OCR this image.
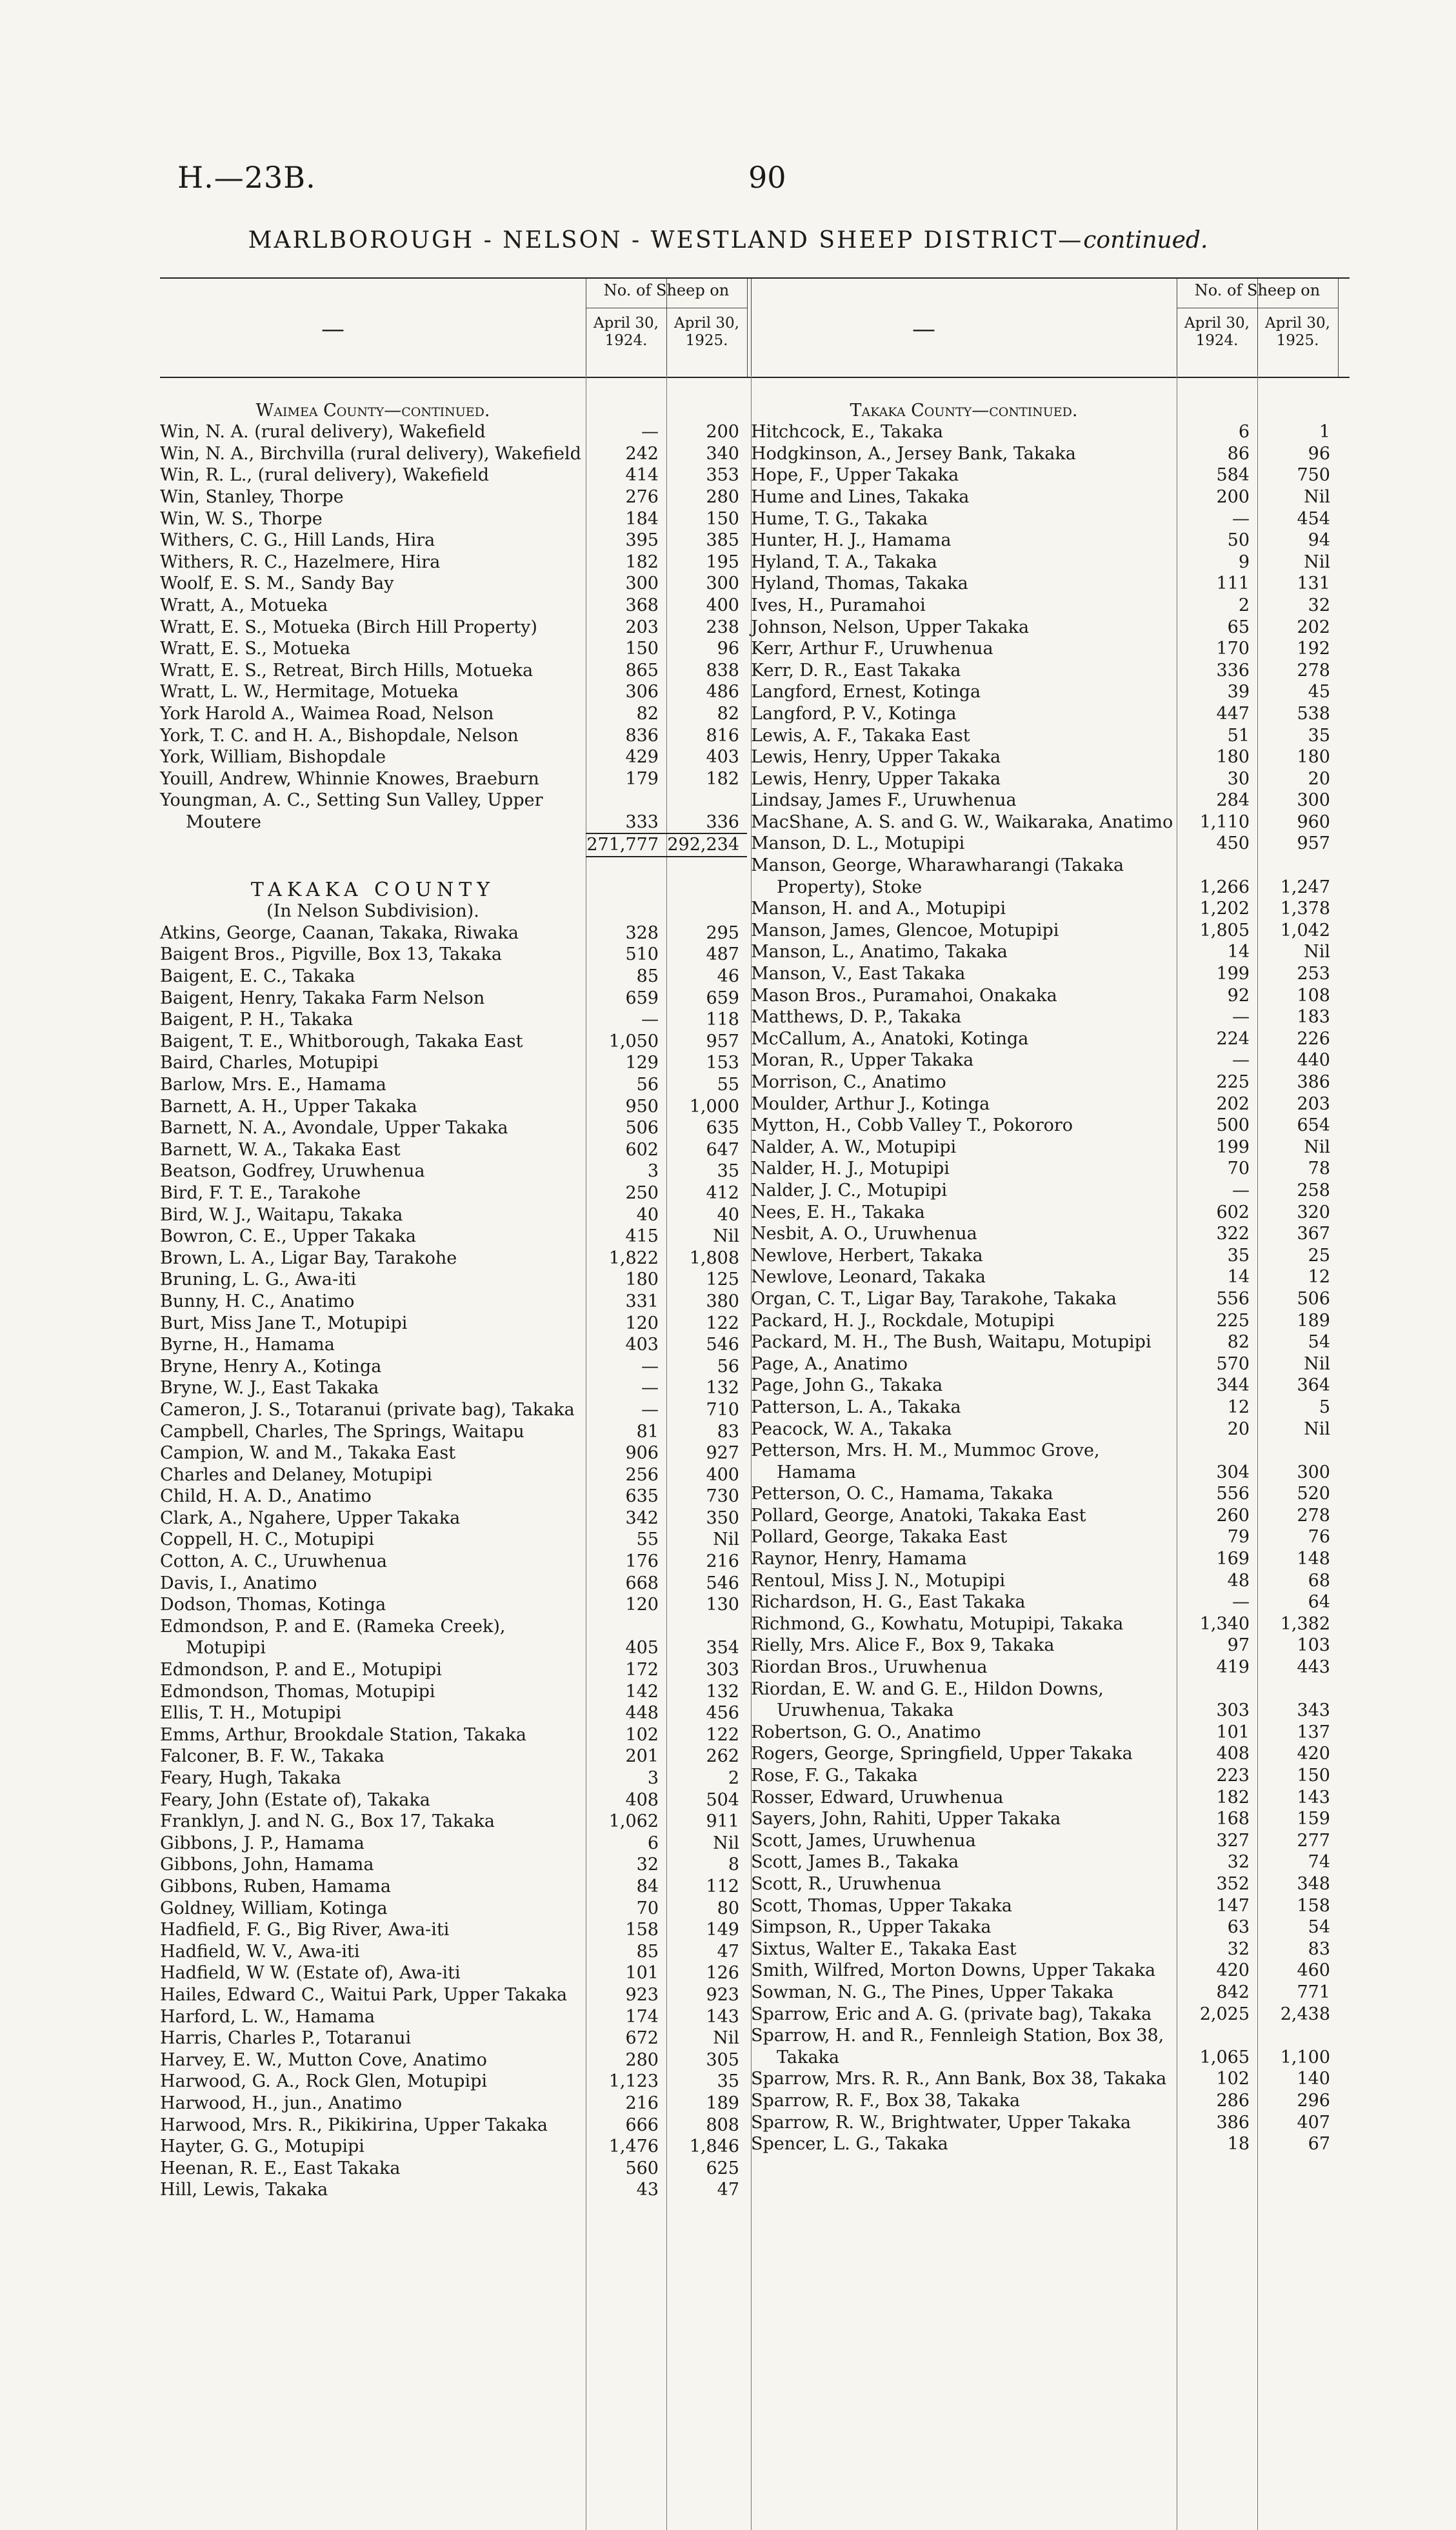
H.—23B.	90
MARLBOROUGH - NELSON - WESTLAND SHEEP DISTRICT—continued.
—
No. of Sheep on
April 30,
1924.
April 30,
1925.
Waimea County—continued.
Win, N. A. (rural delivery), Wakefield	—	200
Win, N. A., Birchvilla (rural delivery), Wakefield	242	340
Win, R. L., (rural delivery), Wakefield	414	353
Win, Stanley, Thorpe	276	280
Win, W. S., Thorpe	184	150
Withers, C. G., Hill Lands, Hira	395	385
Withers, R. C., Hazelmere, Hira	182	195
Woolf, E. S. M., Sandy Bay	300	300
Wratt, A., Motueka	368	400
Wratt, E. S., Motueka (Birch Hill Property)	203	238
Wratt, E. S., Motueka	150	96
Wratt, E. S., Retreat, Birch Hills, Motueka	865	838
Wratt, L. W., Hermitage, Motueka	306	486
York Harold A., Waimea Road, Nelson	82	82
York, T. C. and H. A., Bishopdale, Nelson	836	816
York, William, Bishopdale	429	403
Youill, Andrew, Whinnie Knowes, Braeburn	179	182
Youngman, A. C., Setting Sun Valley, Upper Moutere	333	336
271,777 292,234
TAKAKA COUNTY
(In Nelson Subdivision).
Atkins, George, Caanan, Takaka, Riwaka	328	295
Baigent Bros., Pigville, Box 13, Takaka	510	487
Baigent, E. C., Takaka	85	46
Baigent, Henry, Takaka Farm Nelson	659	659
Baigent, P. H., Takaka	—	118
Baigent, T. E., Whitborough, Takaka East	1,050	957
Baird, Charles, Motupipi	129	153
Barlow, Mrs. E., Hamama	56	55
Barnett, A. H., Upper Takaka	950	1,000
Barnett, N. A., Avondale, Upper Takaka	506	635
Barnett, W. A., Takaka East	602	647
Beatson, Godfrey, Uruwhenua	3	35
Bird, F. T. E., Tarakohe	250	412
Bird, W. J., Waitapu, Takaka	40	40
Bowron, C. E., Upper Takaka	415	Nil
Brown, L. A., Ligar Bay, Tarakohe	1,822	1,808
Bruning, L. G., Awa-iti	180	125
Bunny, H. C., Anatimo	331	380
Burt, Miss Jane T., Motupipi	120	122
Byrne, H., Hamama	403	546
Bryne, Henry A., Kotinga	—	56
Bryne, W. J., East Takaka	—	132
Cameron, J. S., Totaranui (private bag), Takaka	—	710
Campbell, Charles, The Springs, Waitapu	81	83
Campion, W. and M., Takaka East	906	927
Charles and Delaney, Motupipi	256	400
Child, H. A. D., Anatimo	635	730
Clark, A., Ngahere, Upper Takaka	342	350
Coppell, H. C., Motupipi	55	Nil
Cotton, A. C., Uruwhenua	176	216
Davis, I., Anatimo	668	546
Dodson, Thomas, Kotinga	120	130
Edmondson, P. and E. (Rameka Creek), Motupipi	405	354
Edmondson, P. and E., Motupipi	172	303
Edmondson, Thomas, Motupipi	142	132
Ellis, T. H., Motupipi	448	456
Emms, Arthur, Brookdale Station, Takaka	102	122
Falconer, B. F. W., Takaka	201	262
Feary, Hugh, Takaka	3	2
Feary, John (Estate of), Takaka	408	504
Franklyn, J. and N. G., Box 17, Takaka	1,062	911
Gibbons, J. P., Hamama	6	Nil
Gibbons, John, Hamama	32	8
Gibbons, Ruben, Hamama	84	112
Goldney, William, Kotinga	70	80
Hadfield, F. G., Big River, Awa-iti	158	149
Hadfield, W. V., Awa-iti	85	47
Hadfield, W W. (Estate of), Awa-iti	101	126
Hailes, Edward C., Waitui Park, Upper Takaka	923	923
Harford, L. W., Hamama	174	143
Harris, Charles P., Totaranui	672	Nil
Harvey, E. W., Mutton Cove, Anatimo	280	305
Harwood, G. A., Rock Glen, Motupipi	1,123	35
Harwood, H., jun., Anatimo	216	189
Harwood, Mrs. R., Pikikirina, Upper Takaka	666	808
Hayter, G. G., Motupipi	1,476	1,846
Heenan, R. E., East Takaka	560	625
Hill, Lewis, Takaka	43	47
—
No. of Sheep on
April 30,
1924.
April 30,
1925.
Takaka County—continued.
Hitchcock, E., Takaka	6	1
Hodgkinson, A., Jersey Bank, Takaka	86	96
Hope, F., Upper Takaka	584	750
Hume and Lines, Takaka	200	Nil
Hume, T. G., Takaka	—	454
Hunter, H. J., Hamama	50	94
Hyland, T. A., Takaka	9	Nil
Hyland, Thomas, Takaka	111	131
Ives, H., Puramahoi	2	32
Johnson, Nelson, Upper Takaka	65	202
Kerr, Arthur F., Uruwhenua	170	192
Kerr, D. R., East Takaka	336	278
Langford, Ernest, Kotinga	39	45
Langford, P. V., Kotinga	447	538
Lewis, A. F., Takaka East	51	35
Lewis, Henry, Upper Takaka	180	180
Lewis, Henry, Upper Takaka	30	20
Lindsay, James F., Uruwhenua	284	300
MacShane, A. S. and G. W., Waikaraka, Anatimo	1,110	960
Manson, D. L., Motupipi	450	957
Manson, George, Wharawharangi (Takaka Property), Stoke	1,266	1,247
Manson, H. and A., Motupipi	1,202	1,378
Manson, James, Glencoe, Motupipi	1,805	1,042
Manson, L., Anatimo, Takaka	14	Nil
Manson, V., East Takaka	199	253
Mason Bros., Puramahoi, Onakaka	92	108
Matthews, D. P., Takaka	—	183
McCallum, A., Anatoki, Kotinga	224	226
Moran, R., Upper Takaka	—	440
Morrison, C., Anatimo	225	386
Moulder, Arthur J., Kotinga	202	203
Mytton, H., Cobb Valley T., Pokororo	500	654
Nalder, A. W., Motupipi	199	Nil
Nalder, H. J., Motupipi	70	78
Nalder, J. C., Motupipi	—	258
Nees, E. H., Takaka	602	320
Nesbit, A. O., Uruwhenua	322	367
Newlove, Herbert, Takaka	35	25
Newlove, Leonard, Takaka	14	12
Organ, C. T., Ligar Bay, Tarakohe, Takaka	556	506
Packard, H. J., Rockdale, Motupipi	225	189
Packard, M. H., The Bush, Waitapu, Motupipi	82	54
Page, A., Anatimo	570	Nil
Page, John G., Takaka	344	364
Patterson, L. A., Takaka	12	5
Peacock, W. A., Takaka	20	Nil
Petterson, Mrs. H. M., Mummoc Grove, Hamama	304	300
Petterson, O. C., Hamama, Takaka	556	520
Pollard, George, Anatoki, Takaka East	260	278
Pollard, George, Takaka East	79	76
Raynor, Henry, Hamama	169	148
Rentoul, Miss J. N., Motupipi	48	68
Richardson, H. G., East Takaka	—	64
Richmond, G., Kowhatu, Motupipi, Takaka	1,340	1,382
Rielly, Mrs. Alice F., Box 9, Takaka	97	103
Riordan Bros., Uruwhenua	419	443
Riordan, E. W. and G. E., Hildon Downs, Uruwhenua, Takaka	303	343
Robertson, G. O., Anatimo	101	137
Rogers, George, Springfield, Upper Takaka	408	420
Rose, F. G., Takaka	223	150
Rosser, Edward, Uruwhenua	182	143
Sayers, John, Rahiti, Upper Takaka	168	159
Scott, James, Uruwhenua	327	277
Scott, James B., Takaka	32	74
Scott, R., Uruwhenua	352	348
Scott, Thomas, Upper Takaka	147	158
Simpson, R., Upper Takaka	63	54
Sixtus, Walter E., Takaka East	32	83
Smith, Wilfred, Morton Downs, Upper Takaka	420	460
Sowman, N. G., The Pines, Upper Takaka	842	771
Sparrow, Eric and A. G. (private bag), Takaka	2,025	2,438
Sparrow, H. and R., Fennleigh Station, Box 38, Takaka	1,065	1,100
Sparrow, Mrs. R. R., Ann Bank, Box 38, Takaka	102	140
Sparrow, R. F., Box 38, Takaka	286	296
Sparrow, R. W., Brightwater, Upper Takaka	386	407
Spencer, L. G., Takaka	18	67
